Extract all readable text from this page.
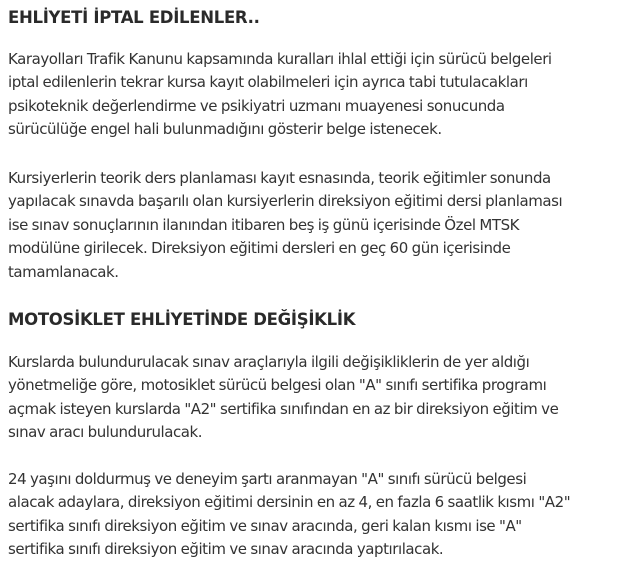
EHLİYETİ İPTAL EDİLENLER..

Karayolları Trafik Kanunu kapsamında kuralları ihlal ettiği için sürücü belgeleri
iptal edilenlerin tekrar kursa kayıt olabilmeleri için ayrıca tabi tutulacakları
psikoteknik değerlendirme ve psikiyatri uzmanı muayenesi sonucunda
sürücülüğe engel hali bulunmadığını gösterir belge istenecek.

Kursiyerlerin teorik ders planlaması kayıt esnasında, teorik eğitimler sonunda
yapılacak sınavda başarılı olan kursiyerlerin direksiyon eğitimi dersi planlaması
ise sınav sonuçlarının ilanından itibaren beş iş günü içerisinde Özel MTSK
modülüne girilecek. Direksiyon eğitimi dersleri en geç 60 gün içerisinde
tamamlanacak.

MOTOSİKLET EHLİYETİNDE DEĞİŞİKLİK

Kurslarda bulundurulacak sınav araçlarıyla ilgili değişikliklerin de yer aldığı
yönetmeliğe göre, motosiklet sürücü belgesi olan "A" sınıfı sertifika programı
açmak isteyen kurslarda "A2" sertifika sınıfından en az bir direksiyon eğitim ve
sınav aracı bulundurulacak.

24 yaşını doldurmuş ve deneyim şartı aranmayan "A" sınıfı sürücü belgesi
alacak adaylara, direksiyon eğitimi dersinin en az 4, en fazla 6 saatlik kısmı "A2"
sertifika sınıfı direksiyon eğitim ve sınav aracında, geri kalan kısmı ise "A"
sertifika sınıfı direksiyon eğitim ve sınav aracında yaptırılacak.
